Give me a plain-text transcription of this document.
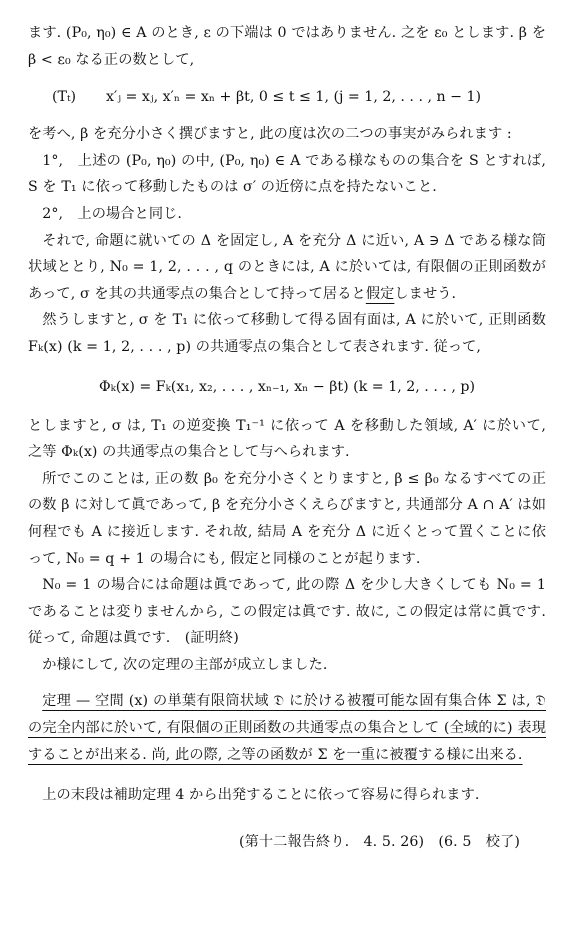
ます. (P₀, η₀) ∈ A のとき, ε の下端は 0 ではありません. 之を ε₀ とします. β を β < ε₀ なる正の数として,

(Tₜ) x′ⱼ = xⱼ, x′ₙ = xₙ + βt, 0 ≤ t ≤ 1, (j = 1, 2, . . . , n − 1)

を考へ, β を充分小さく撰びますと, 此の度は次の二つの事実がみられます :

1°,　上述の (P₀, η₀) の中, (P₀, η₀) ∈ A である様なものの集合を S とすれば, S を T₁ に依って移動したものは σ′ の近傍に点を持たないこと.

2°,　上の場合と同じ.

それで, 命題に就いての Δ を固定し, A を充分 Δ に近い, A ∋ Δ である様な筒状域ととり, N₀ = 1, 2, . . . , q のときには, A に於いては, 有限個の正則函数があって, σ を其の共通零点の集合として持って居ると假定しませう.

然うしますと, σ を T₁ に依って移動して得る固有面は, A に於いて, 正則函数 Fₖ(x) (k = 1, 2, . . . , p) の共通零点の集合として表されます. 従って,

Φₖ(x) = Fₖ(x₁, x₂, . . . , xₙ₋₁, xₙ − βt) (k = 1, 2, . . . , p)

としますと, σ は, T₁ の逆変換 T₁⁻¹ に依って A を移動した領域, A′ に於いて, 之等 Φₖ(x) の共通零点の集合として与へられます.

所でこのことは, 正の数 β₀ を充分小さくとりますと, β ≤ β₀ なるすべての正の数 β に対して眞であって, β を充分小さくえらびますと, 共通部分 A ∩ A′ は如何程でも A に接近します. それ故, 結局 A を充分 Δ に近くとって置くことに依って, N₀ = q + 1 の場合にも, 假定と同様のことが起ります.

N₀ = 1 の場合には命題は眞であって, 此の際 Δ を少し大きくしても N₀ = 1 であることは変りませんから, この假定は眞です. 故に, この假定は常に眞です. 従って, 命題は眞です.　(証明終)

か様にして, 次の定理の主部が成立しました.

定理 — 空間 (x) の単葉有限筒状域 𝔇 に於ける被覆可能な固有集合体 Σ は, 𝔇 の完全内部に於いて, 有限個の正則函数の共通零点の集合として (全域的に) 表現することが出来る. 尚, 此の際, 之等の函数が Σ を一重に被覆する様に出来る.

上の末段は補助定理 4 から出発することに依って容易に得られます.

(第十二報告終り.　4. 5. 26)　(6. 5　校了)
